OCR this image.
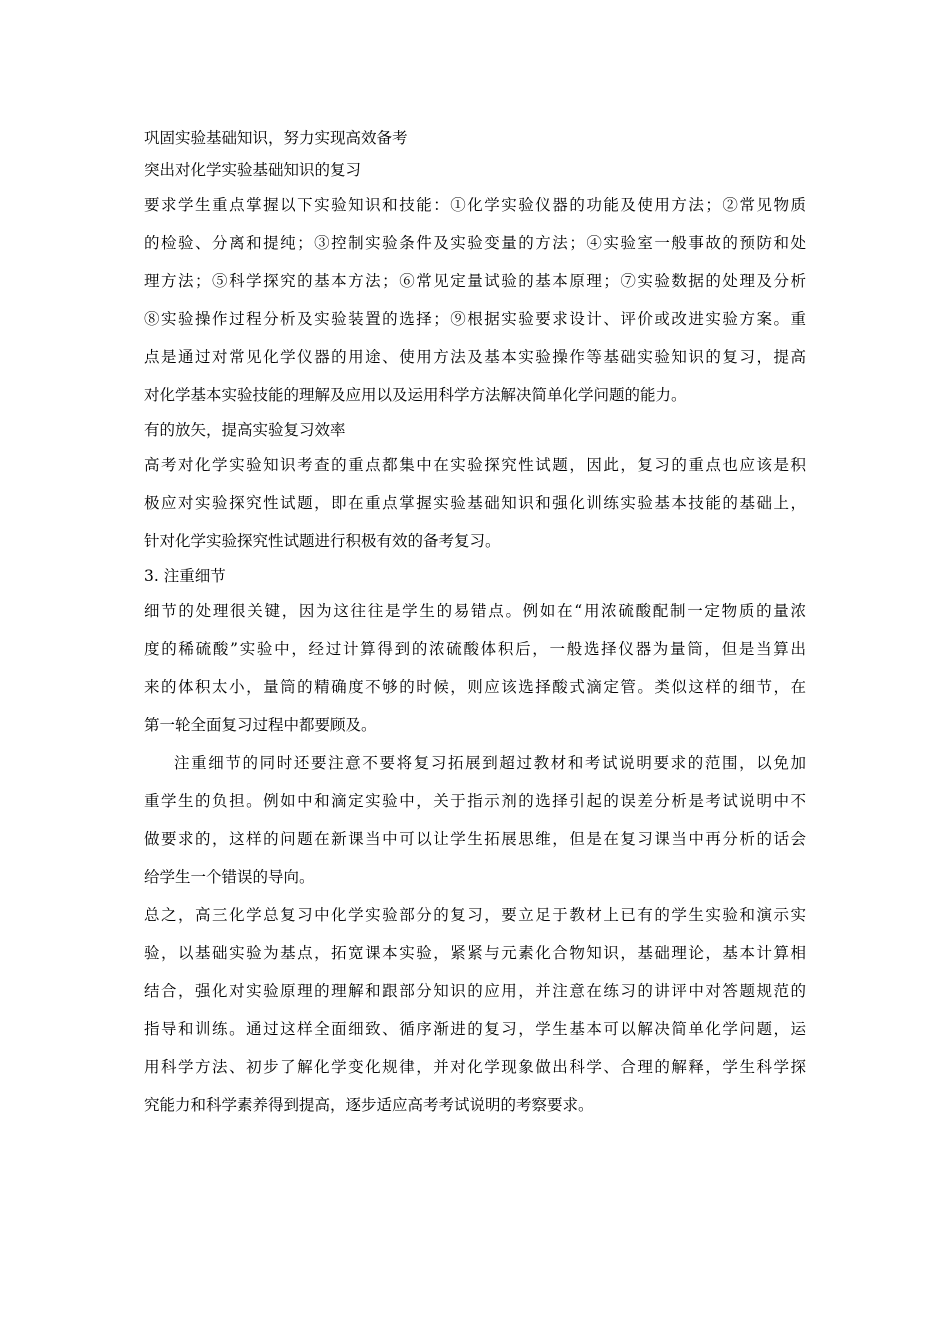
巩固实验基础知识，努力实现高效备考

突出对化学实验基础知识的复习

要求学生重点掌握以下实验知识和技能：①化学实验仪器的功能及使用方法；②常见物质

的检验、分离和提纯；③控制实验条件及实验变量的方法；④实验室一般事故的预防和处

理方法；⑤科学探究的基本方法；⑥常见定量试验的基本原理；⑦实验数据的处理及分析

⑧实验操作过程分析及实验装置的选择；⑨根据实验要求设计、评价或改进实验方案。重

点是通过对常见化学仪器的用途、使用方法及基本实验操作等基础实验知识的复习，提高

对化学基本实验技能的理解及应用以及运用科学方法解决简单化学问题的能力。

有的放矢，提高实验复习效率

高考对化学实验知识考查的重点都集中在实验探究性试题，因此，复习的重点也应该是积

极应对实验探究性试题，即在重点掌握实验基础知识和强化训练实验基本技能的基础上，

针对化学实验探究性试题进行积极有效的备考复习。

3. 注重细节

细节的处理很关键，因为这往往是学生的易错点。例如在“用浓硫酸配制一定物质的量浓

度的稀硫酸”实验中，经过计算得到的浓硫酸体积后，一般选择仪器为量筒，但是当算出

来的体积太小，量筒的精确度不够的时候，则应该选择酸式滴定管。类似这样的细节，在

第一轮全面复习过程中都要顾及。

注重细节的同时还要注意不要将复习拓展到超过教材和考试说明要求的范围，以免加

重学生的负担。例如中和滴定实验中，关于指示剂的选择引起的误差分析是考试说明中不

做要求的，这样的问题在新课当中可以让学生拓展思维，但是在复习课当中再分析的话会

给学生一个错误的导向。

总之，高三化学总复习中化学实验部分的复习，要立足于教材上已有的学生实验和演示实

验，以基础实验为基点，拓宽课本实验，紧紧与元素化合物知识，基础理论，基本计算相

结合，强化对实验原理的理解和跟部分知识的应用，并注意在练习的讲评中对答题规范的

指导和训练。通过这样全面细致、循序渐进的复习，学生基本可以解决简单化学问题，运

用科学方法、初步了解化学变化规律，并对化学现象做出科学、合理的解释，学生科学探

究能力和科学素养得到提高，逐步适应高考考试说明的考察要求。
